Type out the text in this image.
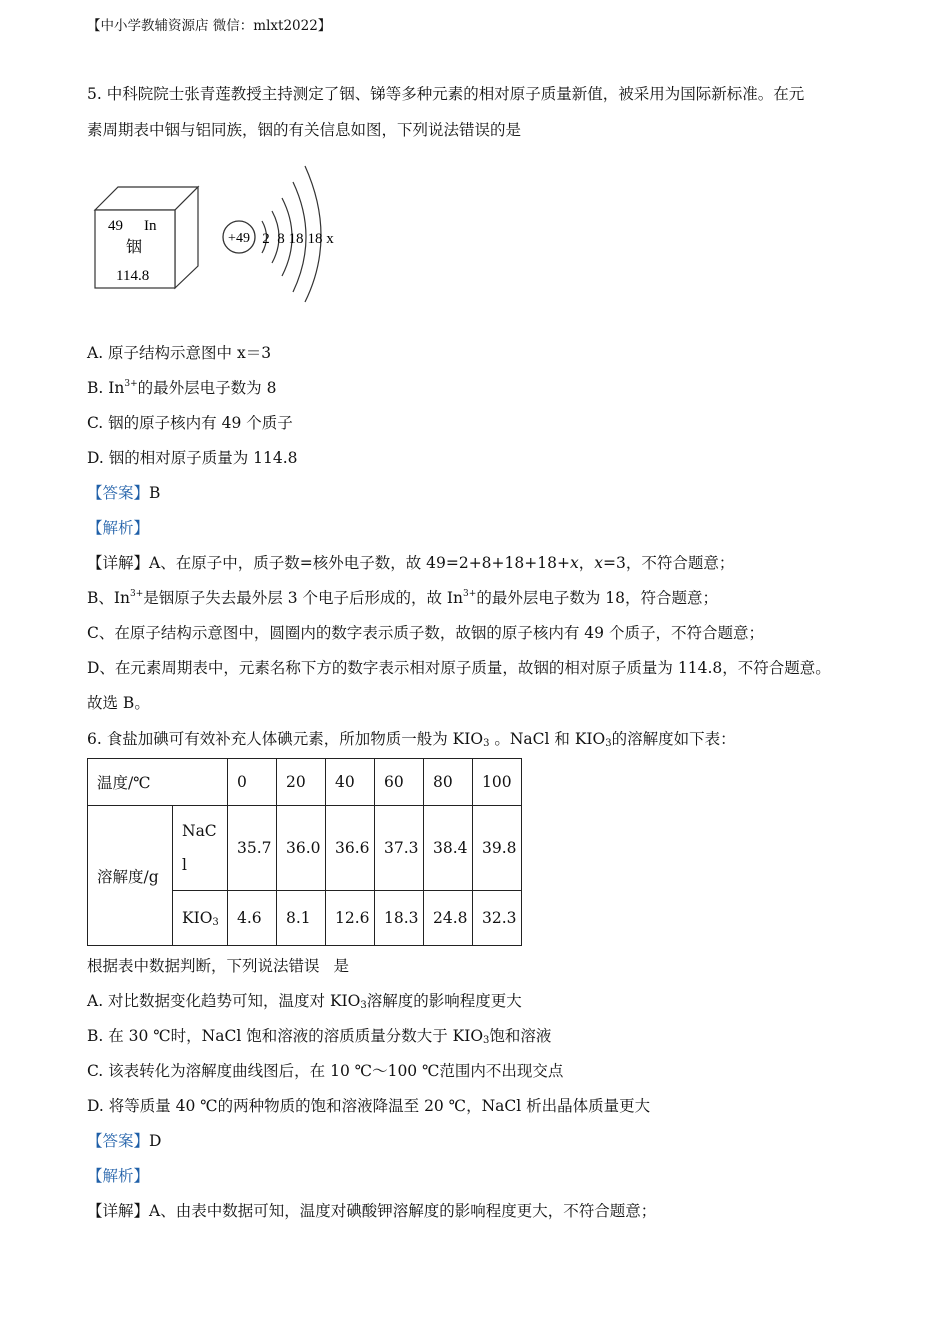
【中小学教辅资源店 微信：mlxt2022】
5. 中科院院士张青莲教授主持测定了铟、锑等多种元素的相对原子质量新值，被采用为国际新标准。在元
素周期表中铟与铝同族，铟的有关信息如图，下列说法错误的是
49 In
铟
114.8
+49 2 8 18 18 x
A. 原子结构示意图中 x＝3
B. $In^{3+}$的最外层电子数为 8
C. 铟的原子核内有 49 个质子
D. 铟的相对原子质量为 114.8
【答案】B
【解析】
【详解】A、在原子中，质子数=核外电子数，故 49=2+8+18+18+x，x=3，不符合题意；
B、$In^{3+}$是铟原子失去最外层 3 个电子后形成的，故 $In^{3+}$的最外层电子数为 18，符合题意；
C、在原子结构示意图中，圆圈内的数字表示质子数，故铟的原子核内有 49 个质子，不符合题意；
D、在元素周期表中，元素名称下方的数字表示相对原子质量，故铟的相对原子质量为 114.8，不符合题意。
故选 B。
6. 食盐加碘可有效补充人体碘元素，所加物质一般为 $KIO_3$ 。NaCl 和 $KIO_3$的溶解度如下表：
温度/℃		0	20	40	60	80	100
溶解度/g	NaC
l	35.7	36.0	36.6	37.3	38.4	39.8
	$KIO_3$	4.6	8.1	12.6	18.3	24.8	32.3
根据表中数据判断，下列说法错误 是
A. 对比数据变化趋势可知，温度对 $KIO_3$溶解度的影响程度更大
B. 在 30 ℃时，NaCl 饱和溶液的溶质质量分数大于 $KIO_3$饱和溶液
C. 该表转化为溶解度曲线图后，在 10 ℃～100 ℃范围内不出现交点
D. 将等质量 40 ℃的两种物质的饱和溶液降温至 20 ℃，NaCl 析出晶体质量更大
【答案】D
【解析】
【详解】A、由表中数据可知，温度对碘酸钾溶解度的影响程度更大，不符合题意；
